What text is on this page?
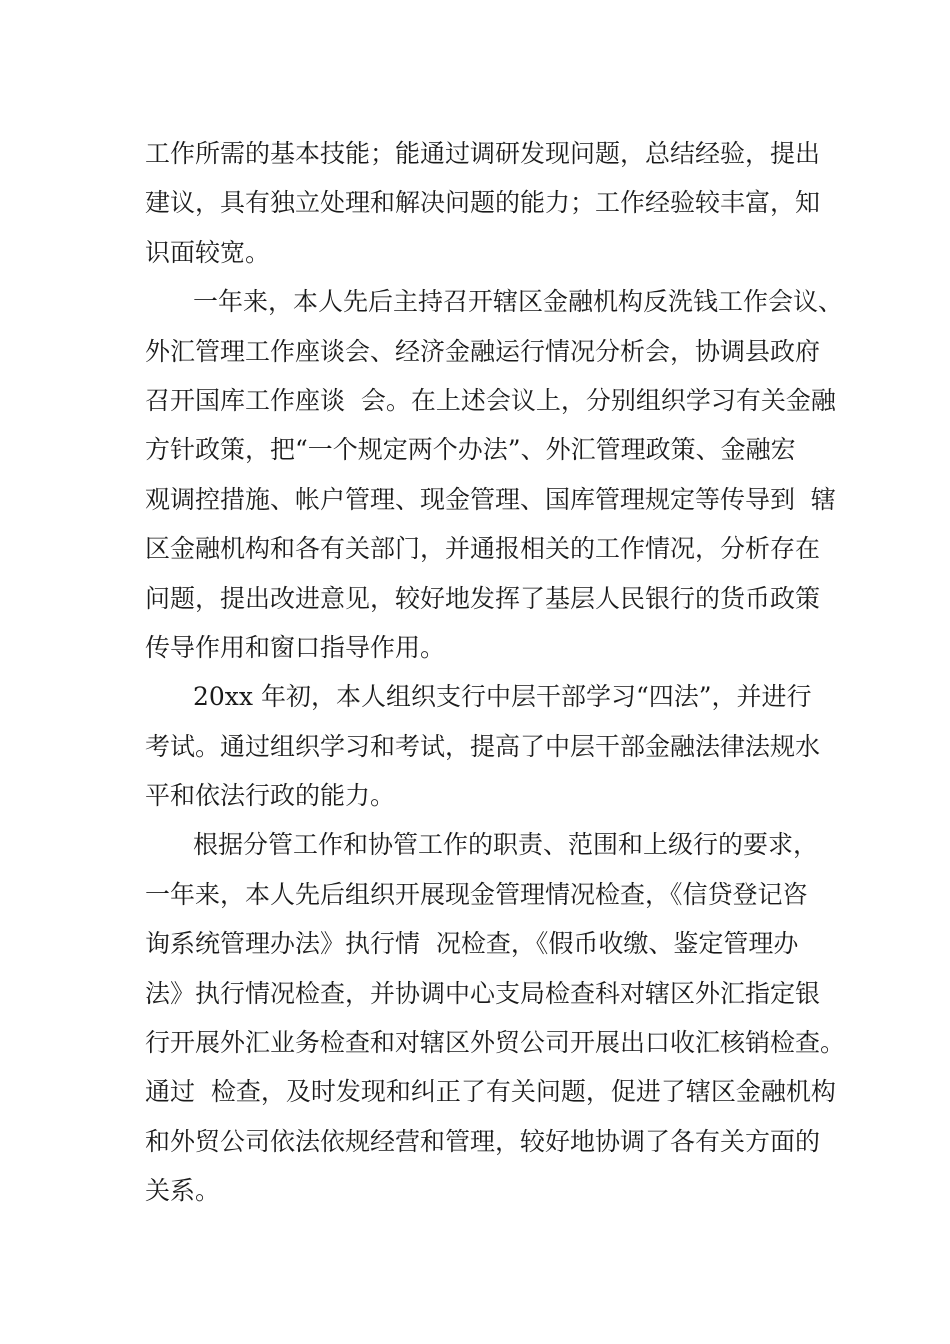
工作所需的基本技能；能通过调研发现问题，总结经验，提出
建议，具有独立处理和解决问题的能力；工作经验较丰富，知
识面较宽。
一年来，本人先后主持召开辖区金融机构反洗钱工作会议、
外汇管理工作座谈会、经济金融运行情况分析会，协调县政府
召开国库工作座谈  会。在上述会议上，分别组织学习有关金融
方针政策，把“一个规定两个办法”、外汇管理政策、金融宏
观调控措施、帐户管理、现金管理、国库管理规定等传导到  辖
区金融机构和各有关部门，并通报相关的工作情况，分析存在
问题，提出改进意见，较好地发挥了基层人民银行的货币政策
传导作用和窗口指导作用。
20xx 年初，本人组织支行中层干部学习“四法”，并进行
考试。通过组织学习和考试，提高了中层干部金融法律法规水
平和依法行政的能力。
根据分管工作和协管工作的职责、范围和上级行的要求，
一年来，本人先后组织开展现金管理情况检查，《信贷登记咨
询系统管理办法》执行情  况检查，《假币收缴、鉴定管理办
法》执行情况检查，并协调中心支局检查科对辖区外汇指定银
行开展外汇业务检查和对辖区外贸公司开展出口收汇核销检查。
通过  检查，及时发现和纠正了有关问题，促进了辖区金融机构
和外贸公司依法依规经营和管理，较好地协调了各有关方面的
关系。
